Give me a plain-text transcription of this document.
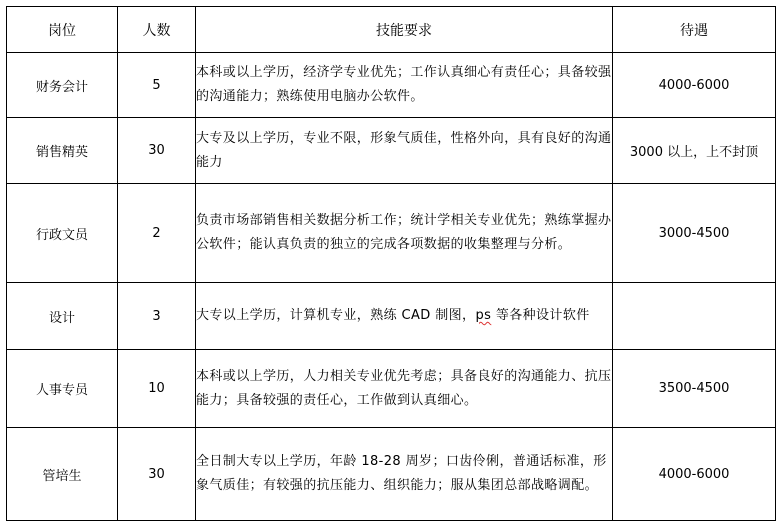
岗位	人数	技能要求	待遇
财务会计	5	本科或以上学历，经济学专业优先；工作认真细心有责任心；具备较强的沟通能力；熟练使用电脑办公软件。	4000-6000
销售精英	30	大专及以上学历，专业不限，形象气质佳，性格外向，具有良好的沟通能力	3000 以上，上不封顶
行政文员	2	负责市场部销售相关数据分析工作；统计学相关专业优先；熟练掌握办公软件；能认真负责的独立的完成各项数据的收集整理与分析。	3000-4500
设计	3	大专以上学历，计算机专业，熟练 CAD 制图，ps 等各种设计软件	
人事专员	10	本科或以上学历，人力相关专业优先考虑；具备良好的沟通能力、抗压能力；具备较强的责任心，工作做到认真细心。	3500-4500
管培生	30	全日制大专以上学历，年龄 18-28 周岁；口齿伶俐，普通话标准，形象气质佳；有较强的抗压能力、组织能力；服从集团总部战略调配。	4000-6000
